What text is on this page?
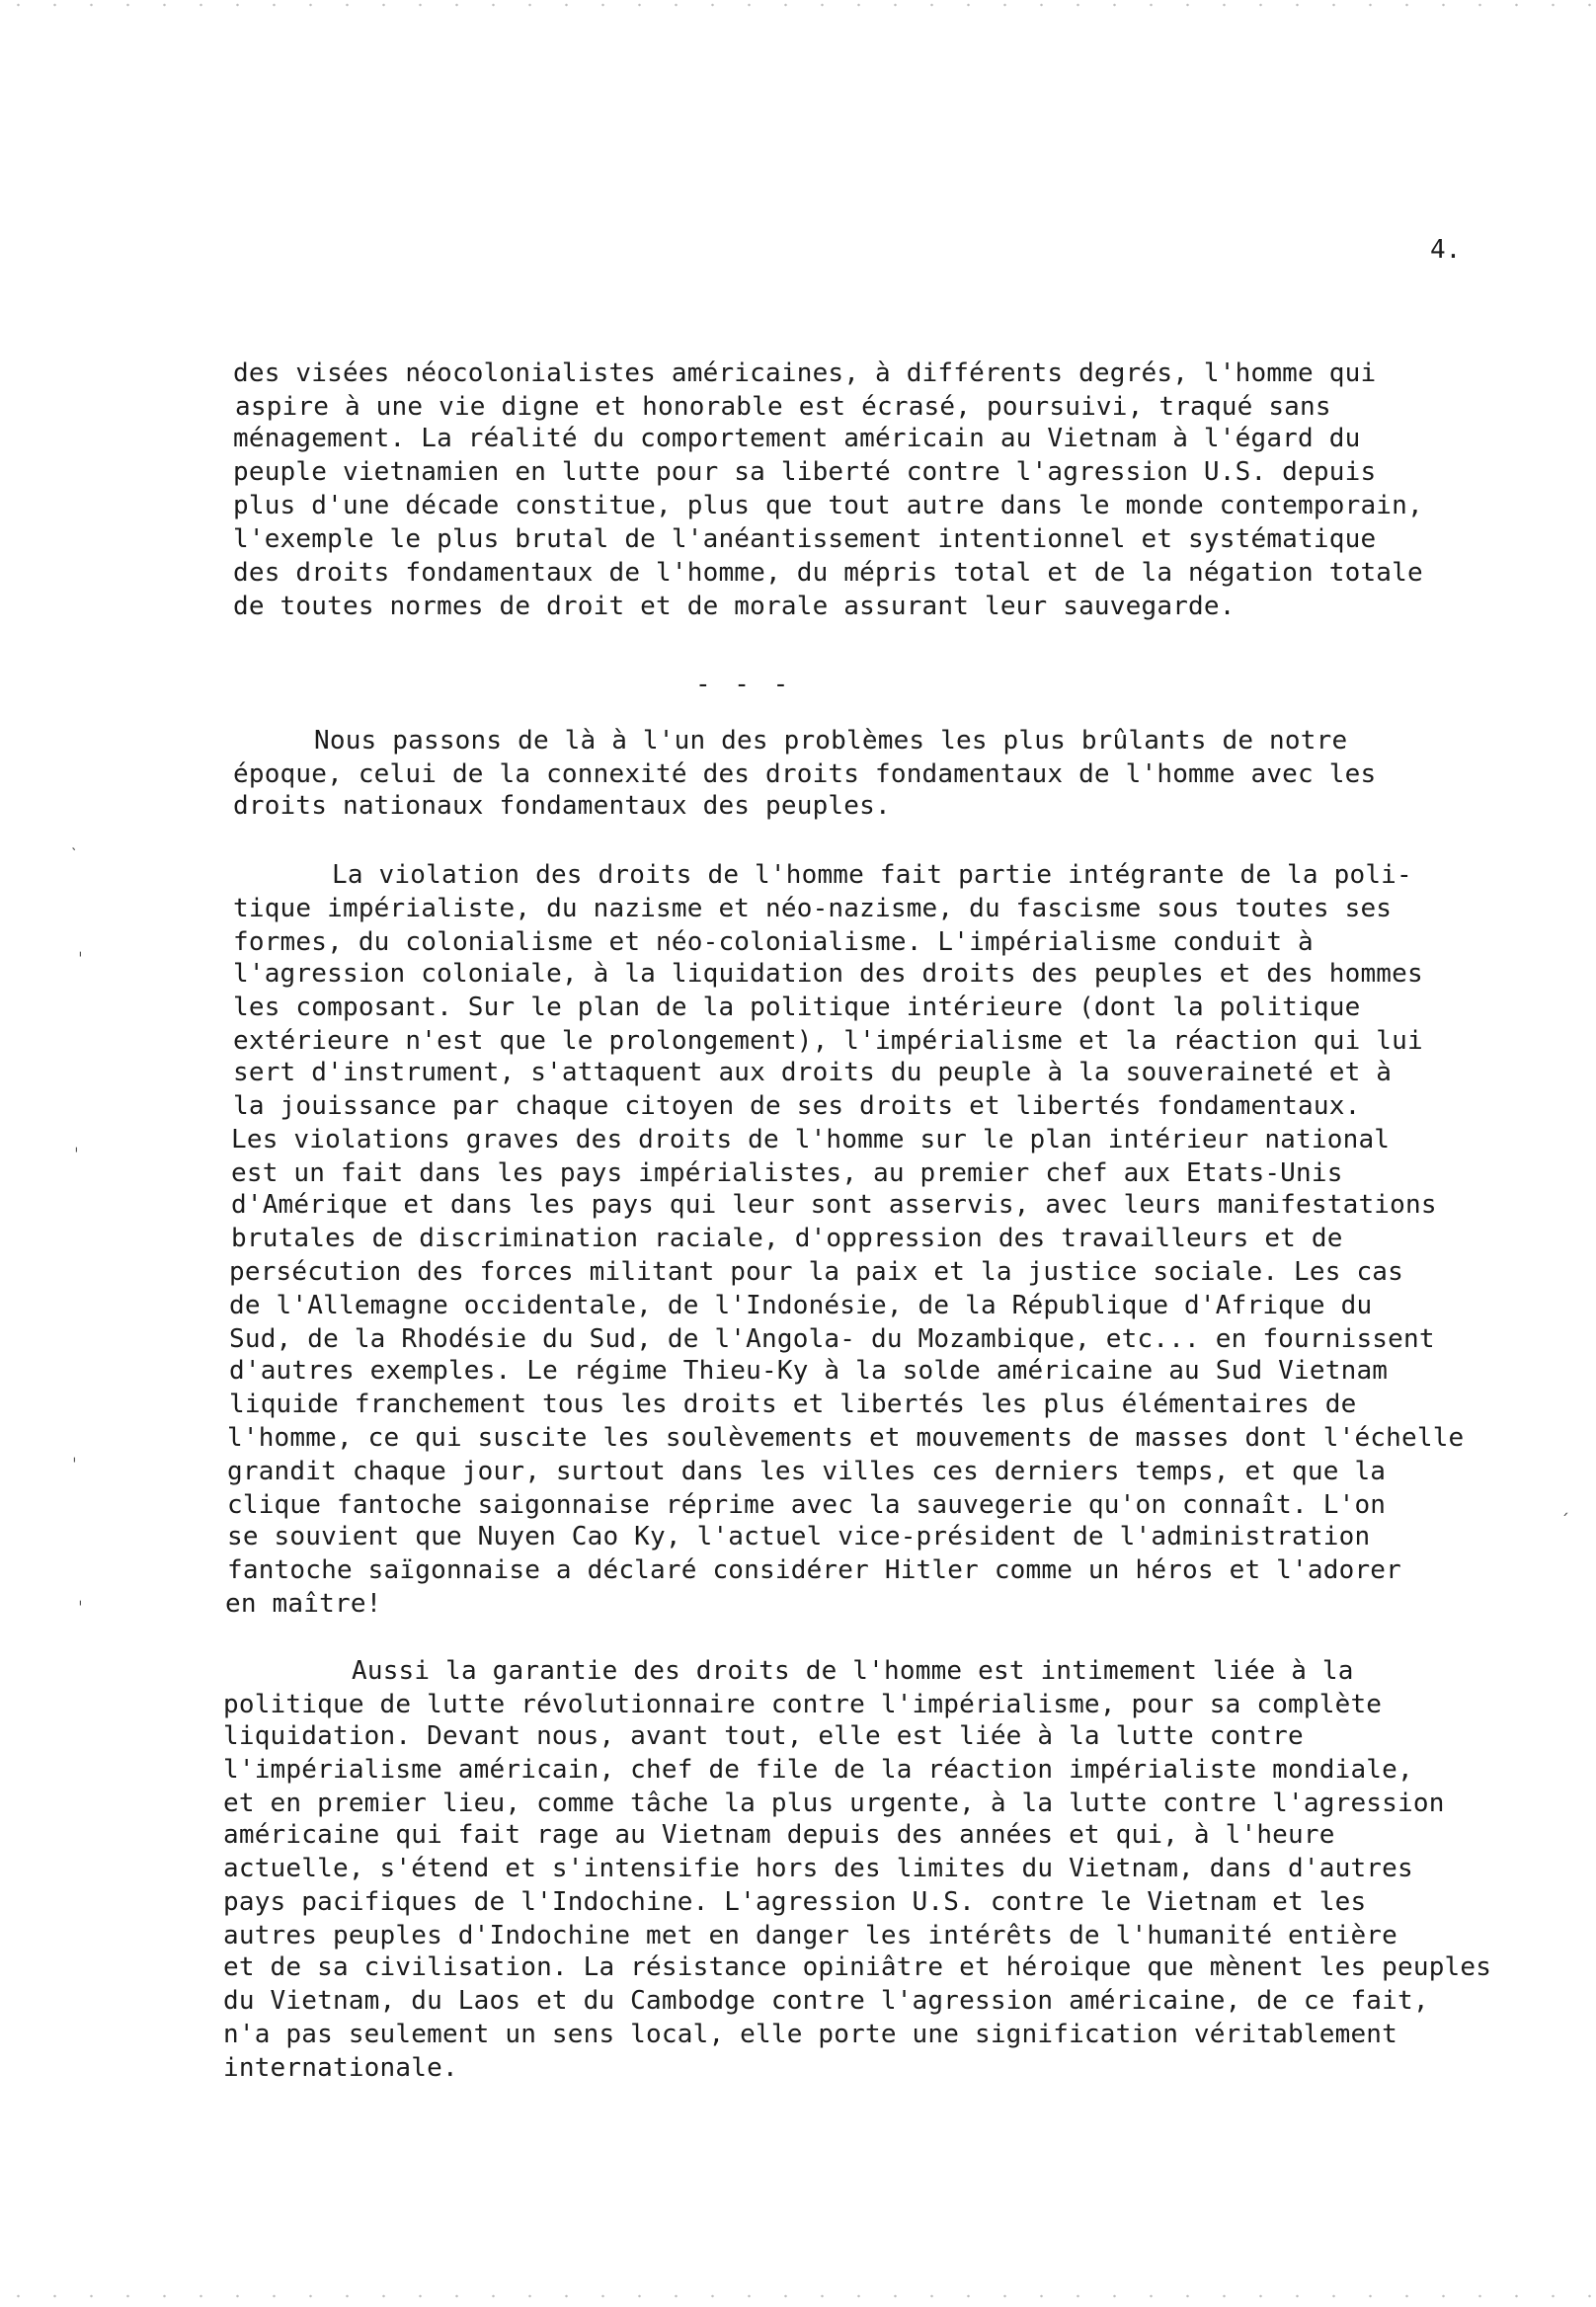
4.
des visées néocolonialistes américaines, à différents degrés, l'homme qui
aspire à une vie digne et honorable est écrasé, poursuivi, traqué sans
ménagement. La réalité du comportement américain au Vietnam à l'égard du
peuple vietnamien en lutte pour sa liberté contre l'agression U.S. depuis
plus d'une décade constitue, plus que tout autre dans le monde contemporain,
l'exemple le plus brutal de l'anéantissement intentionnel et systématique
des droits fondamentaux de l'homme, du mépris total et de la négation totale
de toutes normes de droit et de morale assurant leur sauvegarde.
- - -
Nous passons de là à l'un des problèmes les plus brûlants de notre
époque, celui de la connexité des droits fondamentaux de l'homme avec les
droits nationaux fondamentaux des peuples.
La violation des droits de l'homme fait partie intégrante de la poli-
tique impérialiste, du nazisme et néo-nazisme, du fascisme sous toutes ses
formes, du colonialisme et néo-colonialisme. L'impérialisme conduit à
l'agression coloniale, à la liquidation des droits des peuples et des hommes
les composant. Sur le plan de la politique intérieure (dont la politique
extérieure n'est que le prolongement), l'impérialisme et la réaction qui lui
sert d'instrument, s'attaquent aux droits du peuple à la souveraineté et à
la jouissance par chaque citoyen de ses droits et libertés fondamentaux.
Les violations graves des droits de l'homme sur le plan intérieur national
est un fait dans les pays impérialistes, au premier chef aux Etats-Unis
d'Amérique et dans les pays qui leur sont asservis, avec leurs manifestations
brutales de discrimination raciale, d'oppression des travailleurs et de
persécution des forces militant pour la paix et la justice sociale. Les cas
de l'Allemagne occidentale, de l'Indonésie, de la République d'Afrique du
Sud, de la Rhodésie du Sud, de l'Angola- du Mozambique, etc... en fournissent
d'autres exemples. Le régime Thieu-Ky à la solde américaine au Sud Vietnam
liquide franchement tous les droits et libertés les plus élémentaires de
l'homme, ce qui suscite les soulèvements et mouvements de masses dont l'échelle
grandit chaque jour, surtout dans les villes ces derniers temps, et que la
clique fantoche saigonnaise réprime avec la sauvegerie qu'on connaît. L'on
se souvient que Nuyen Cao Ky, l'actuel vice-président de l'administration
fantoche saïgonnaise a déclaré considérer Hitler comme un héros et l'adorer
en maître!
Aussi la garantie des droits de l'homme est intimement liée à la
politique de lutte révolutionnaire contre l'impérialisme, pour sa complète
liquidation. Devant nous, avant tout, elle est liée à la lutte contre
l'impérialisme américain, chef de file de la réaction impérialiste mondiale,
et en premier lieu, comme tâche la plus urgente, à la lutte contre l'agression
américaine qui fait rage au Vietnam depuis des années et qui, à l'heure
actuelle, s'étend et s'intensifie hors des limites du Vietnam, dans d'autres
pays pacifiques de l'Indochine. L'agression U.S. contre le Vietnam et les
autres peuples d'Indochine met en danger les intérêts de l'humanité entière
et de sa civilisation. La résistance opiniâtre et héroique que mènent les peuples
du Vietnam, du Laos et du Cambodge contre l'agression américaine, de ce fait,
n'a pas seulement un sens local, elle porte une signification véritablement
internationale.
ˋ
ˌ
ˌ
ˌ
ˈ
ˏ
